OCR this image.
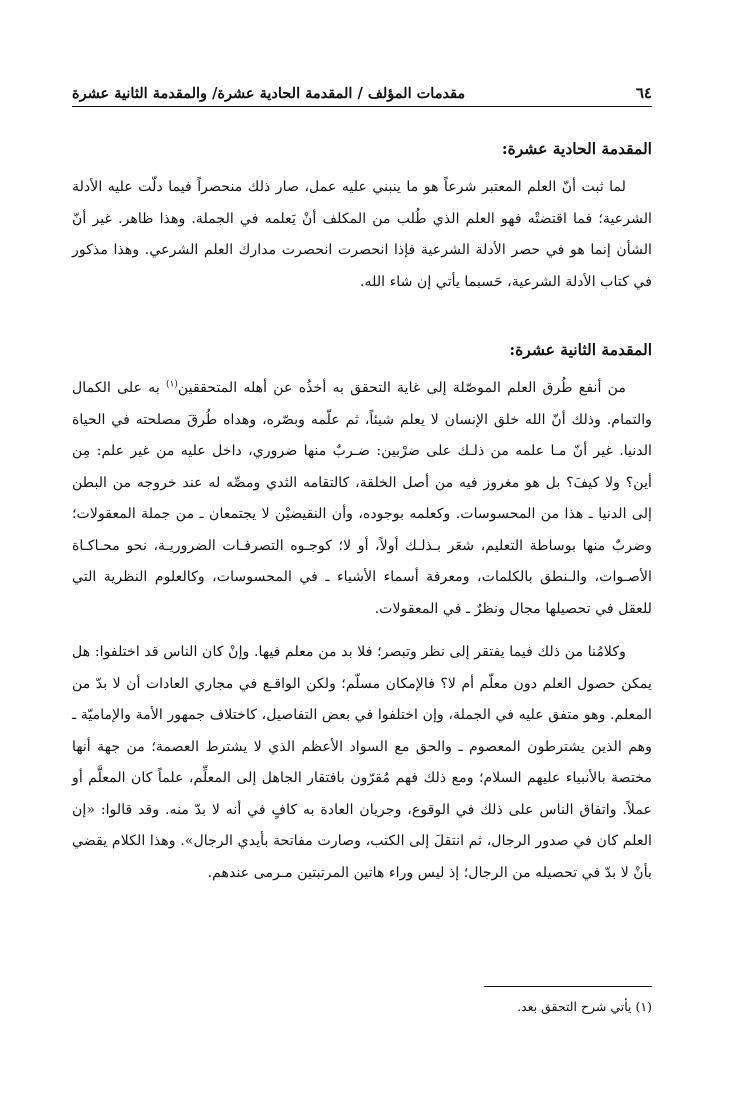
٦٤
مقدمات المؤلف / المقدمة الحادية عشرة/ والمقدمة الثانية عشرة
المقدمة الحادية عشرة:

لما ثبت أنّ العلم المعتبر شرعاً هو ما ينبني عليه عمل، صار ذلك منحصراً فيما دلّت عليه الأدلة الشرعية؛ فما اقتضتْه فهو العلم الذي طُلب من المكلف أنْ يَعلمه في الجملة. وهذا ظاهر. غير أنّ الشأن إنما هو في حصر الأدلة الشرعية فإذا انحصرت انحصرت مدارك العلم الشرعي. وهذا مذكور في كتاب الأدلة الشرعية، حَسبما يأتي إن شاء الله.

المقدمة الثانية عشرة:

من أنفع طُرق العلم الموصّلة إلى غاية التحقق به أخذُه عن أهله المتحققين$^{(١)}$ به على الكمال والتمام. وذلك أنّ الله خلق الإنسان لا يعلم شيئاً، ثم علّمه وبصّره، وهداه طُرقَ مصلحته في الحياة الدنيا. غير أنّ مـا علمه من ذلـك على ضرْبين: ضـربٌ منها ضروري، داخل عليه من غير علم: مِن أين؟ ولا كيفَ؟ بل هو مغروز فيه من أصل الخلقة، كالتقامه الثدي ومصِّه له عند خروجه من البطن إلى الدنيا ـ هذا من المحسوسات. وكعلمه بوجوده، وأن النقيضيْن لا يجتمعان ـ من جملة المعقولات؛ وضربٌ منها بوساطة التعليم، شعَر بـذلـك أولاً، أو لا؛ كوجـوه التصرفـات الضروريـة، نحو محـاكـاة الأصـوات، والـنطق بالكلمات، ومعرفة أسماء الأشياء ـ في المحسوسات، وكالعلوم النظرية التي للعقل في تحصيلها مجال ونظرٌ ـ في المعقولات.

وكلامُنا من ذلك فيما يفتقر إلى نظر وتبصر؛ فلا بد من معلم فيها. وإنْ كان الناس قد اختلفوا: هل يمكن حصول العلم دون معلّم أم لا؟ فالإمكان مسلّم؛ ولكن الواقـع في مجاري العادات أن لا بدّ من المعلم. وهو متفق عليه في الجملة، وإن اختلفوا في بعض التفاصيل، كاختلاف جمهور الأمة والإماميّة ـ وهم الذين يشترطون المعصوم ـ والحق مع السواد الأعظم الذي لا يشترط العصمة؛ من جهة أنها مختصة بالأنبياء عليهم السلام؛ ومع ذلك فهم مُقرّون بافتقار الجاهل إلى المعلِّم، علماً كان المعلَّم أو عملاً. واتفاق الناس على ذلك في الوقوع، وجريان العادة به كافٍ في أنه لا بدّ منه. وقد قالوا: «إن العلم كان في صدور الرجال، ثم انتقلَ إلى الكتب، وصارت مفاتحة بأيدي الرجال». وهذا الكلام يقضي بأنْ لا بدّ في تحصيله من الرجال؛ إذ ليس وراء هاتين المرتبتين مـرمى عندهم.

(١) يأتي شرح التحقق بعد.
